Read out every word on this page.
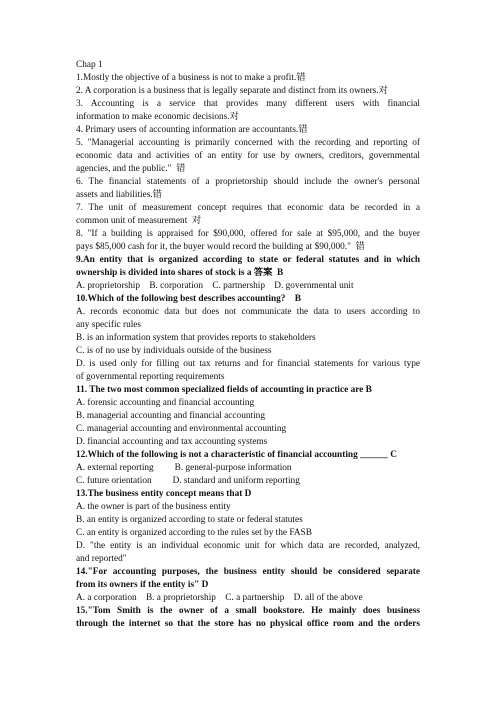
Chap 1
1.Mostly the objective of a business is not to make a profit.错
2. A corporation is a business that is legally separate and distinct from its owners.对
3.  Accounting  is  a  service  that  provides  many  different  users  with  financial
information to make economic decisions.对
4. Primary users of accounting information are accountants.错
5. "Managerial accounting is primarily concerned with the recording and reporting of
economic data and activities of an entity for use by owners, creditors, governmental
agencies, and the public."  错
6. The financial statements of a proprietorship should include the owner's personal
assets and liabilities.错
7.  The  unit  of  measurement  concept  requires  that  economic  data  be  recorded  in  a
common unit of measurement  对
8. "If a building is appraised for $90,000, offered for sale at $95,000, and the buyer
pays $85,000 cash for it, the buyer would record the building at $90,000."  错
9.An entity that is organized according to state or federal statutes and in which
ownership is divided into shares of stock is a 答案  B
A. proprietorship    B. corporation    C. partnership    D. governmental unit
10.Which of the following best describes accounting?    B
A. records economic data but does not communicate the data to users according to
any specific rules
B. is an information system that provides reports to stakeholders
C. is of no use by individuals outside of the business
D. is used only for filling out tax returns and for financial statements for various type
of governmental reporting requirements
11. The two most common specialized fields of accounting in practice are B
A. forensic accounting and financial accounting
B. managerial accounting and financial accounting
C. managerial accounting and environmental accounting
D. financial accounting and tax accounting systems
12.Which of the following is not a characteristic of financial accounting ______ C
A. external reporting         B. general-purpose information
C. future orientation         D. standard and uniform reporting
13.The business entity concept means that D
A. the owner is part of the business entity
B. an entity is organized according to state or federal statutes
C. an entity is organized according to the rules set by the FASB
D. "the entity is an individual economic unit for which data are recorded, analyzed,
and reported"
14."For accounting purposes, the business entity should be considered separate
from its owners if the entity is" D
A. a corporation    B. a proprietorship    C. a partnership    D. all of the above
15."Tom Smith is the owner of a small bookstore. He mainly does business
through the internet so that the store has no physical office room and the orders
